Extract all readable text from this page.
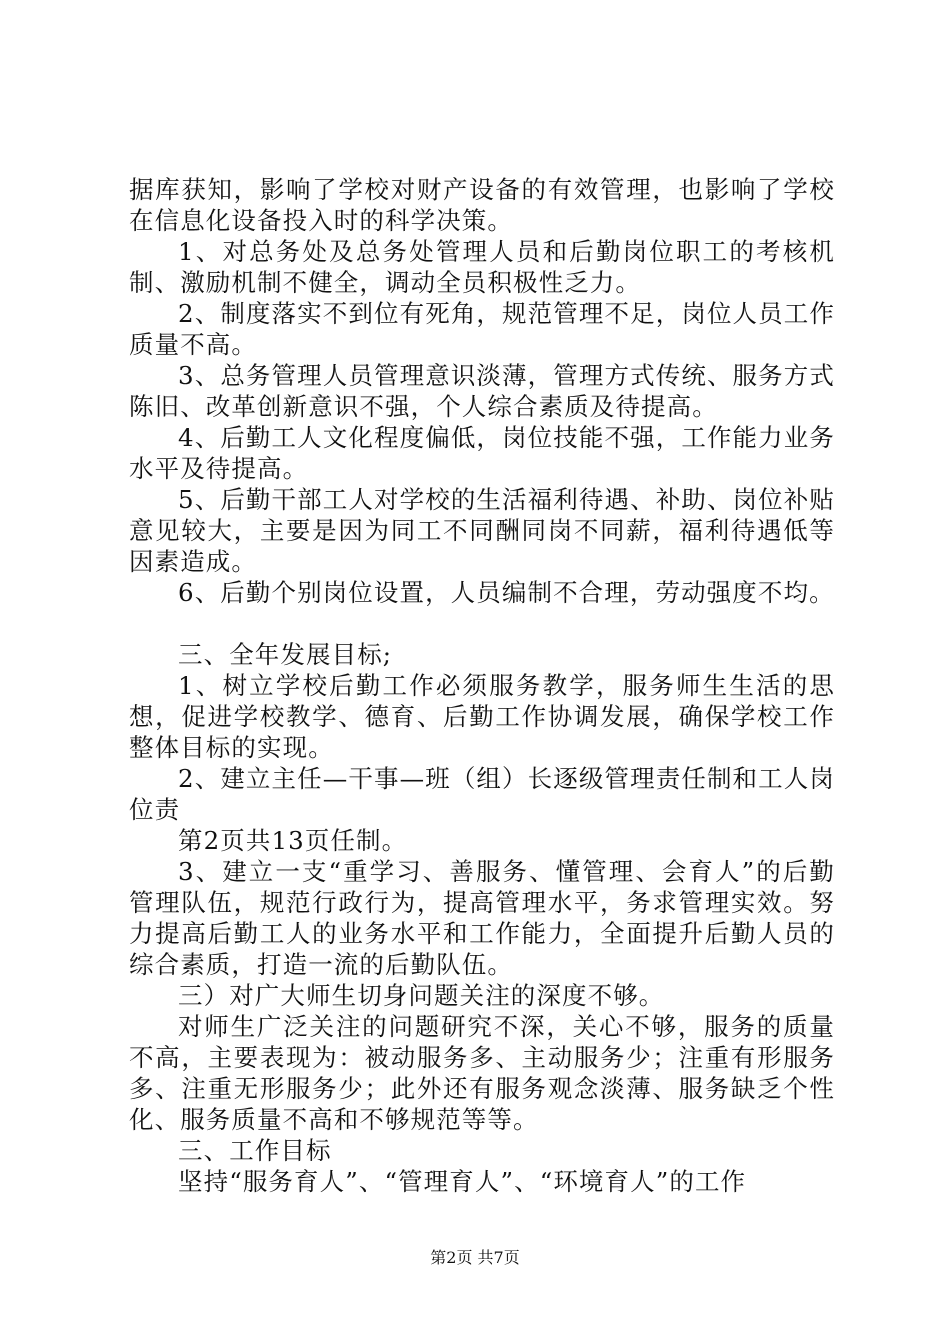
据库获知，影响了学校对财产设备的有效管理，也影响了学校在信息化设备投入时的科学决策。

1、对总务处及总务处管理人员和后勤岗位职工的考核机制、激励机制不健全，调动全员积极性乏力。

2、制度落实不到位有死角，规范管理不足，岗位人员工作质量不高。

3、总务管理人员管理意识淡薄，管理方式传统、服务方式陈旧、改革创新意识不强，个人综合素质及待提高。

4、后勤工人文化程度偏低，岗位技能不强，工作能力业务水平及待提高。

5、后勤干部工人对学校的生活福利待遇、补助、岗位补贴意见较大，主要是因为同工不同酬同岗不同薪，福利待遇低等因素造成。

6、后勤个别岗位设置，人员编制不合理，劳动强度不均。

三、全年发展目标;

1、树立学校后勤工作必须服务教学，服务师生生活的思想，促进学校教学、德育、后勤工作协调发展，确保学校工作整体目标的实现。

2、建立主任—干事—班（组）长逐级管理责任制和工人岗位责

第2页共13页任制。

3、建立一支“重学习、善服务、懂管理、会育人”的后勤管理队伍，规范行政行为，提高管理水平，务求管理实效。努力提高后勤工人的业务水平和工作能力，全面提升后勤人员的综合素质，打造一流的后勤队伍。

三）对广大师生切身问题关注的深度不够。

对师生广泛关注的问题研究不深，关心不够，服务的质量不高，主要表现为：被动服务多、主动服务少；注重有形服务多、注重无形服务少；此外还有服务观念淡薄、服务缺乏个性化、服务质量不高和不够规范等等。

三、工作目标

坚持“服务育人”、“管理育人”、“环境育人”的工作

第2页 共7页
